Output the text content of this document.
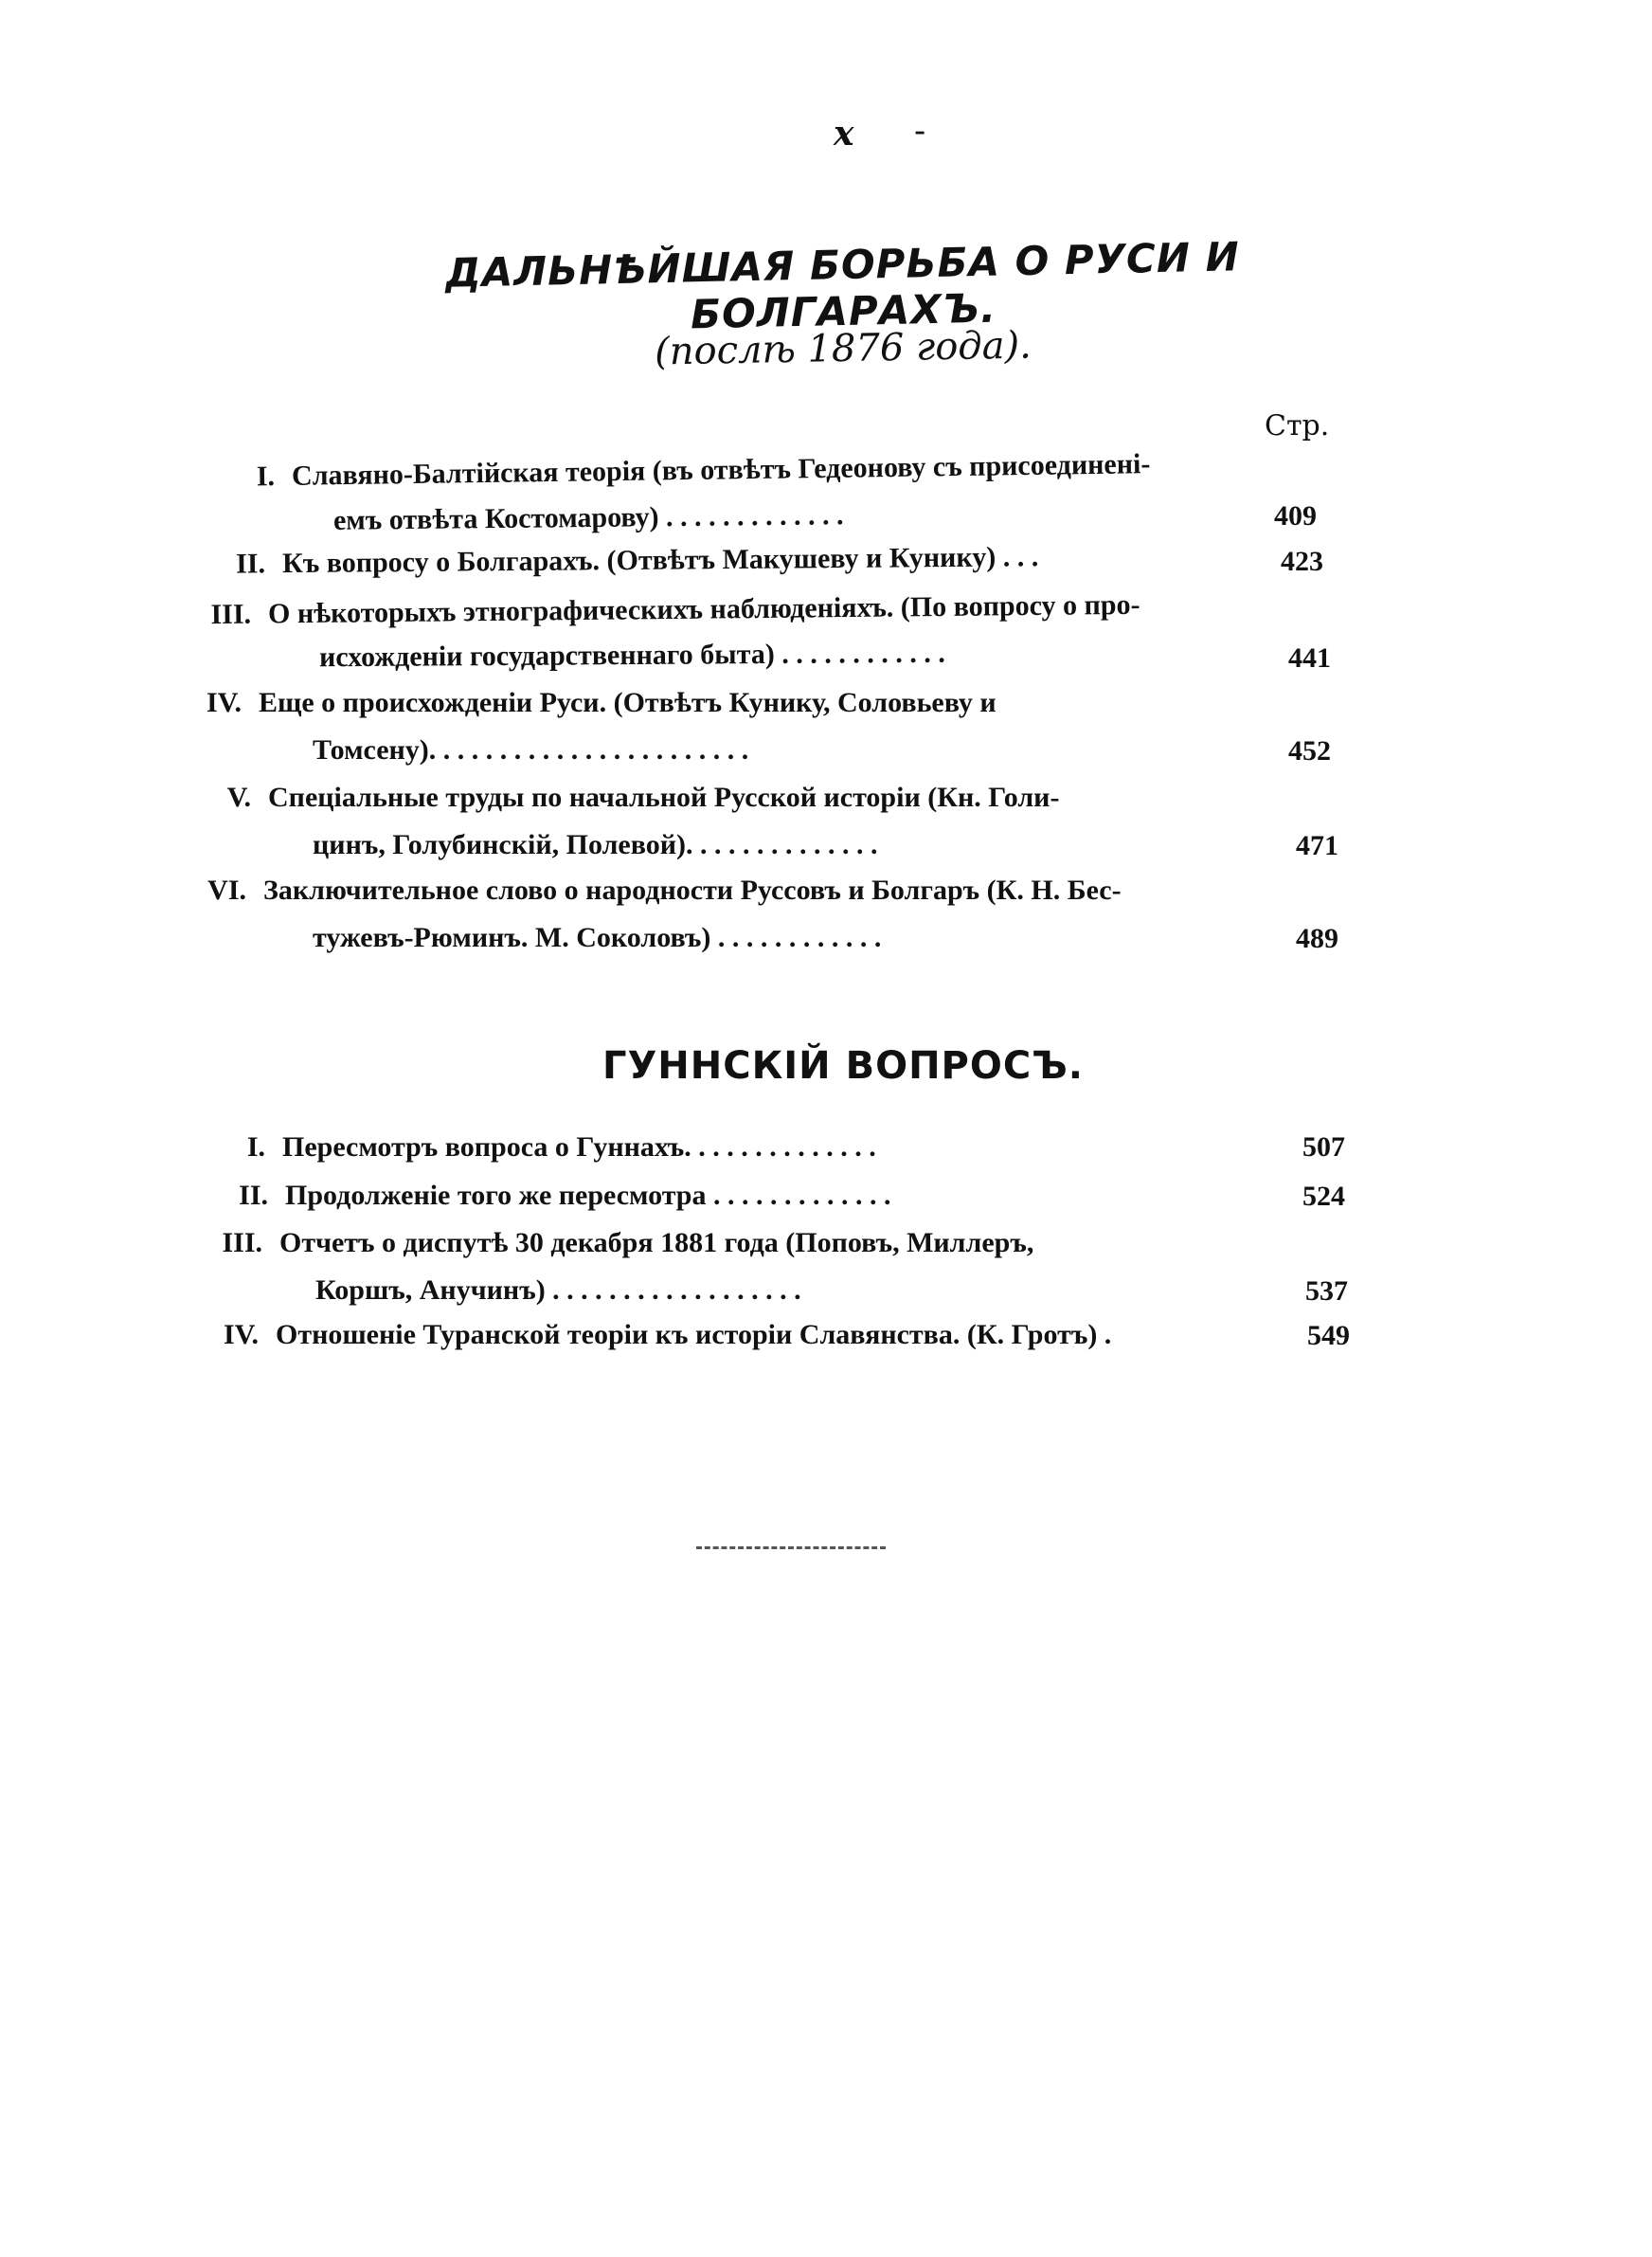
x -
ДАЛЬНѢЙШАЯ БОРЬБА О РУСИ И БОЛГАРАХЪ.
(послѣ 1876 года).
Стр.
I. Славяно-Балтiйская теорiя (въ отвѣтъ Гедеонову съ присоединенi-
емъ отвѣта Костомарову) . . . . . . . . . . . . .	409
II. Къ вопросу о Болгарахъ. (Отвѣтъ Макушеву и Кунику) . . .	423
III. О нѣкоторыхъ этнографическихъ наблюденiяхъ. (По вопросу о про-
исхожденiи государственнаго быта) . . . . . . . . . . . .	441
IV. Еще о происхожденiи Руси. (Отвѣтъ Кунику, Соловьеву и
Томсену). . . . . . . . . . . . . . . . . . . . . . .	452
V. Спецiальные труды по начальной Русской исторiи (Кн. Голи-
цинъ, Голубинскiй, Полевой). . . . . . . . . . . . . .	471
VI. Заключительное слово о народности Руссовъ и Болгаръ (К. Н. Бес-
тужевъ-Рюминъ. М. Соколовъ) . . . . . . . . . . . .	489
ГУННСКIЙ ВОПРОСЪ.
I. Пересмотръ вопроса о Гуннахъ. . . . . . . . . . . . . .	507
II. Продолженiе того же пересмотра . . . . . . . . . . . . .	524
III. Отчетъ о диспутѣ 30 декабря 1881 года (Поповъ, Миллеръ,
Коршъ, Анучинъ) . . . . . . . . . . . . . . . . . .	537
IV. Отношенiе Туранской теорiи къ исторiи Славянства. (К. Гротъ) .	549
